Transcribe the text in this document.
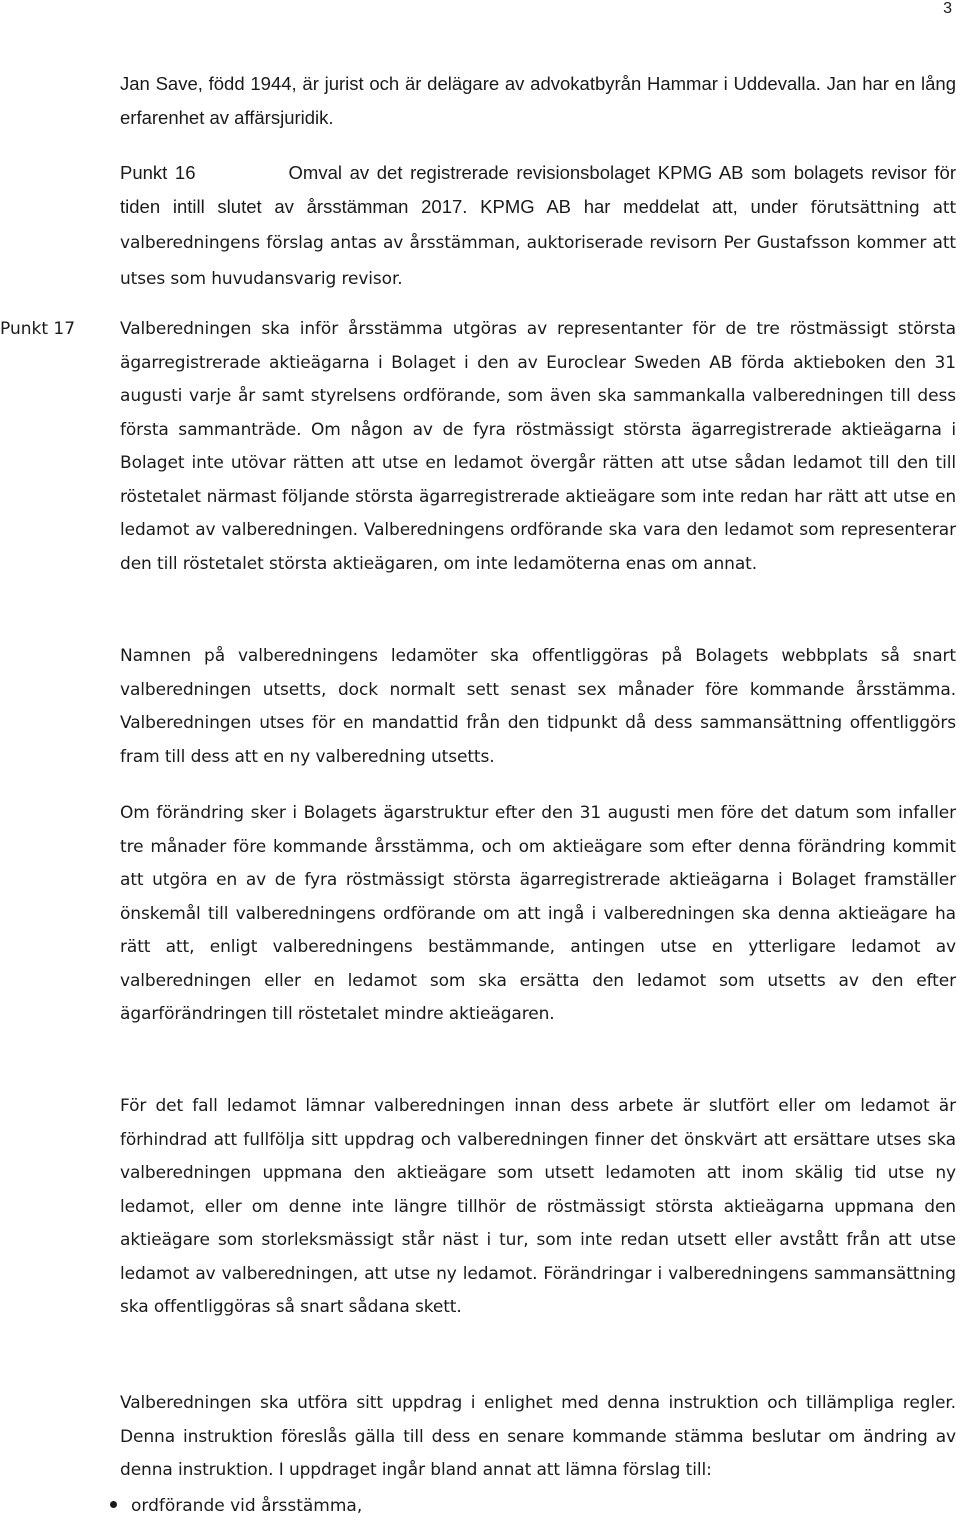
3
Jan Save, född 1944, är jurist och är delägare av advokatbyrån Hammar i Uddevalla. Jan har en lång erfarenhet av affärsjuridik.
Punkt 16	Omval av det registrerade revisionsbolaget KPMG AB som bolagets revisor för tiden intill slutet av årsstämman 2017. KPMG AB har meddelat att, under förutsättning att valberedningens förslag antas av årsstämman, auktoriserade revisorn Per Gustafsson kommer att utses som huvudansvarig revisor.
Punkt 17	Valberedningen ska inför årsstämma utgöras av representanter för de tre röstmässigt största ägarregistrerade aktieägarna i Bolaget i den av Euroclear Sweden AB förda aktieboken den 31 augusti varje år samt styrelsens ordförande, som även ska sammankalla valberedningen till dess första sammanträde. Om någon av de fyra röstmässigt största ägarregistrerade aktieägarna i Bolaget inte utövar rätten att utse en ledamot övergår rätten att utse sådan ledamot till den till röstetalet närmast följande största ägarregistrerade aktieägare som inte redan har rätt att utse en ledamot av valberedningen. Valberedningens ordförande ska vara den ledamot som representerar den till röstetalet största aktieägaren, om inte ledamöterna enas om annat.
Namnen på valberedningens ledamöter ska offentliggöras på Bolagets webbplats så snart valberedningen utsetts, dock normalt sett senast sex månader före kommande årsstämma. Valberedningen utses för en mandattid från den tidpunkt då dess sammansättning offentliggörs fram till dess att en ny valberedning utsetts.
Om förändring sker i Bolagets ägarstruktur efter den 31 augusti men före det datum som infaller tre månader före kommande årsstämma, och om aktieägare som efter denna förändring kommit att utgöra en av de fyra röstmässigt största ägarregistrerade aktieägarna i Bolaget framställer önskemål till valberedningens ordförande om att ingå i valberedningen ska denna aktieägare ha rätt att, enligt valberedningens bestämmande, antingen utse en ytterligare ledamot av valberedningen eller en ledamot som ska ersätta den ledamot som utsetts av den efter ägarförändringen till röstetalet mindre aktieägaren.
För det fall ledamot lämnar valberedningen innan dess arbete är slutfört eller om ledamot är förhindrad att fullfölja sitt uppdrag och valberedningen finner det önskvärt att ersättare utses ska valberedningen uppmana den aktieägare som utsett ledamoten att inom skälig tid utse ny ledamot, eller om denne inte längre tillhör de röstmässigt största aktieägarna uppmana den aktieägare som storleksmässigt står näst i tur, som inte redan utsett eller avstått från att utse ledamot av valberedningen, att utse ny ledamot. Förändringar i valberedningens sammansättning ska offentliggöras så snart sådana skett.
Valberedningen ska utföra sitt uppdrag i enlighet med denna instruktion och tillämpliga regler. Denna instruktion föreslås gälla till dess en senare kommande stämma beslutar om ändring av denna instruktion. I uppdraget ingår bland annat att lämna förslag till:
ordförande vid årsstämma,
